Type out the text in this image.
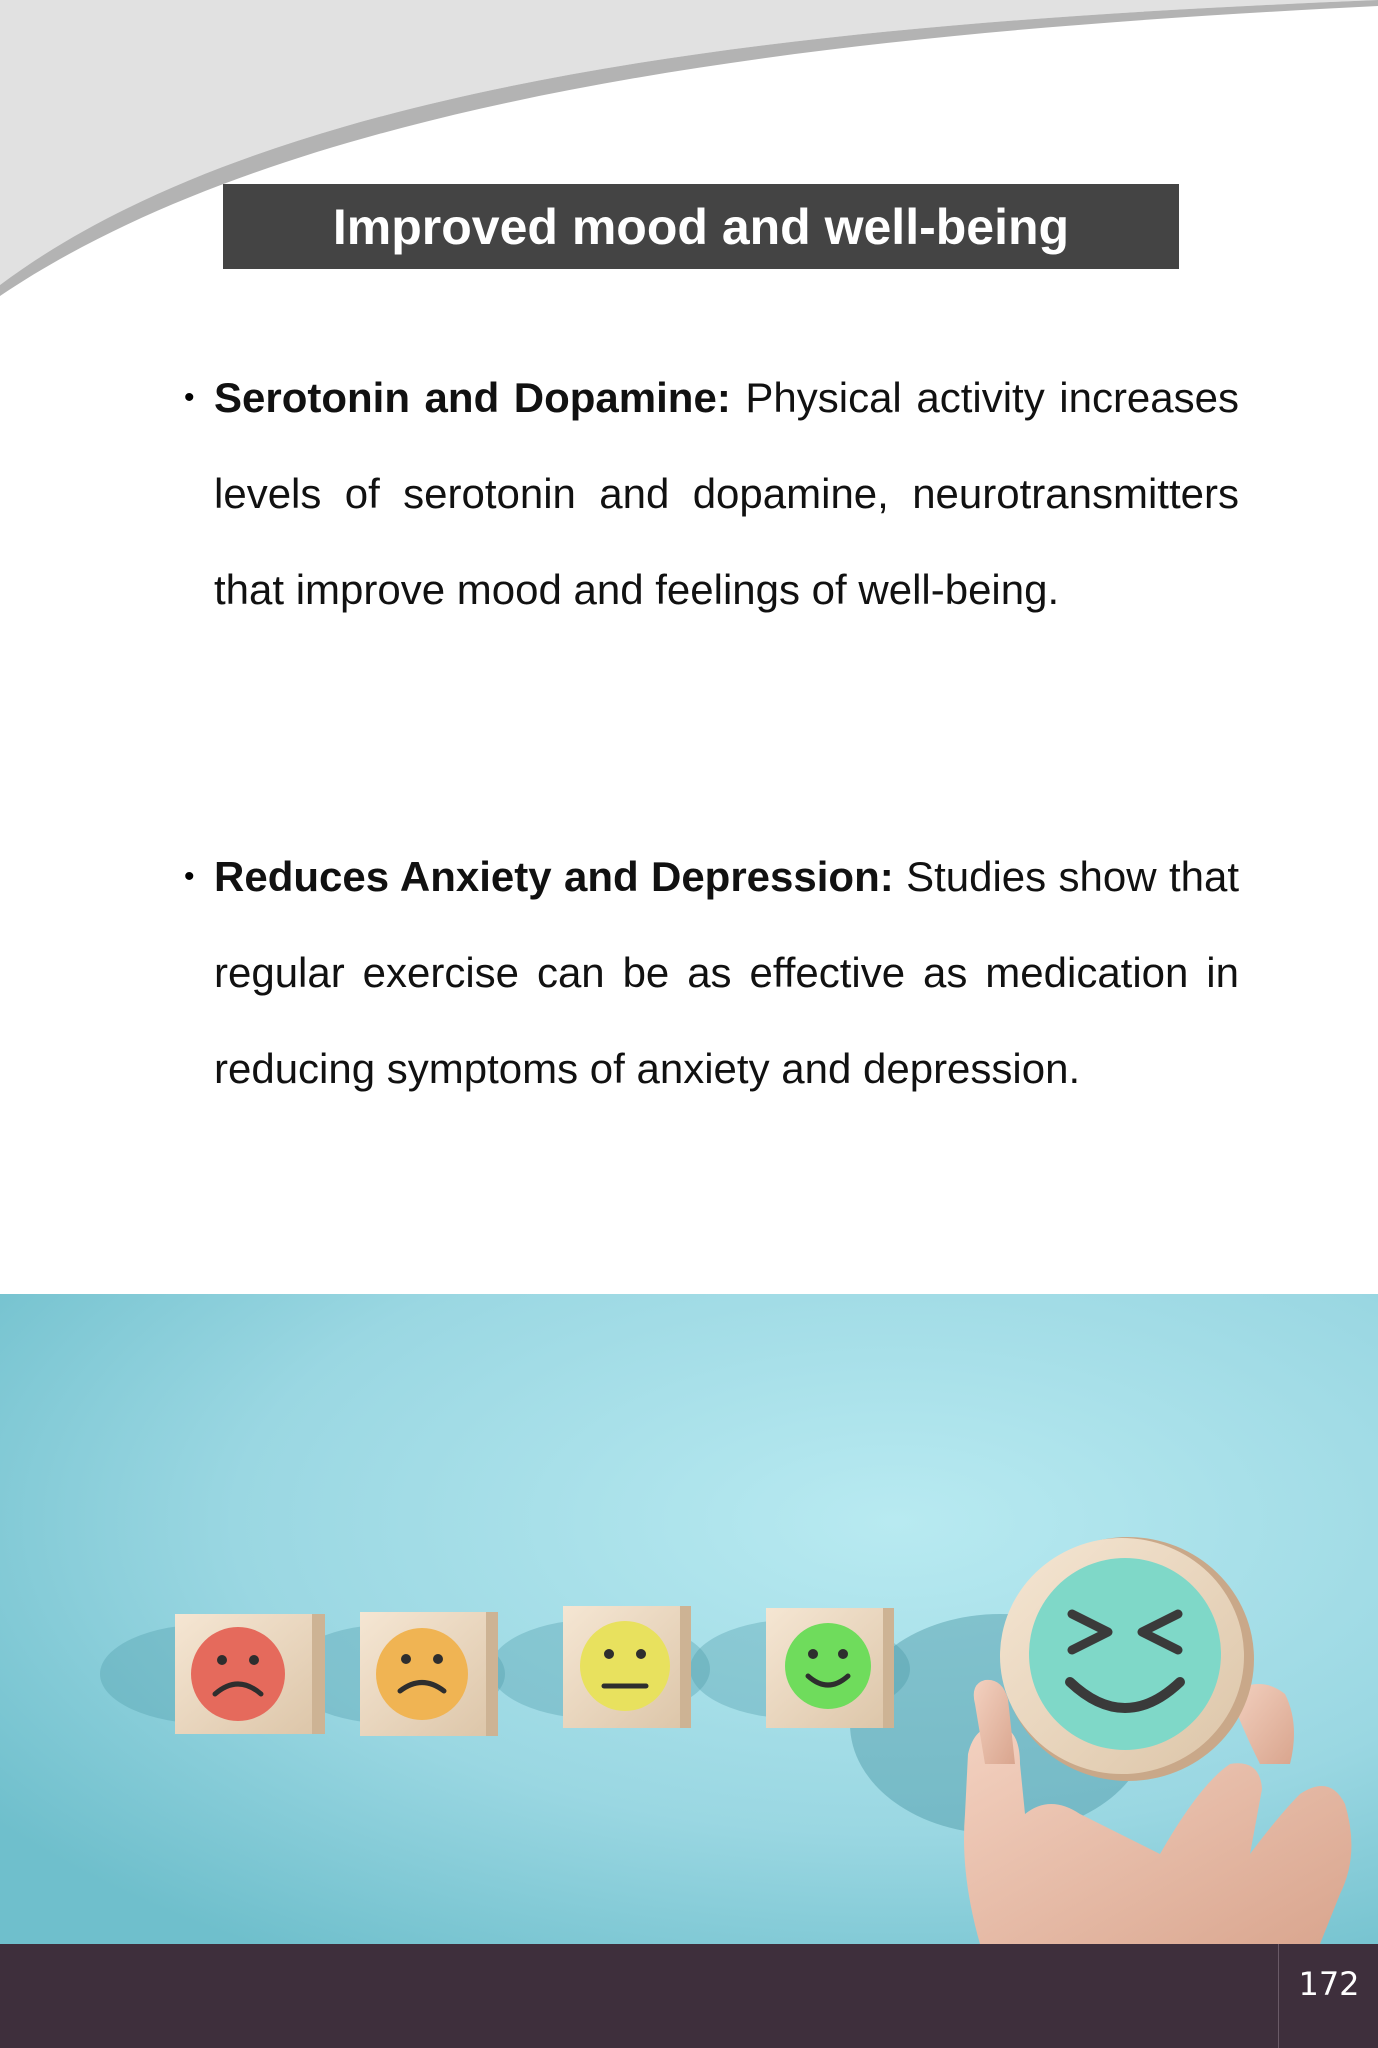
Improved mood and well-being
• Serotonin and Dopamine: Physical activity increases levels of serotonin and dopamine, neurotransmitters that improve mood and feelings of well-being.

• Reduces Anxiety and Depression: Studies show that regular exercise can be as effective as medication in reducing symptoms of anxiety and depression.

172
